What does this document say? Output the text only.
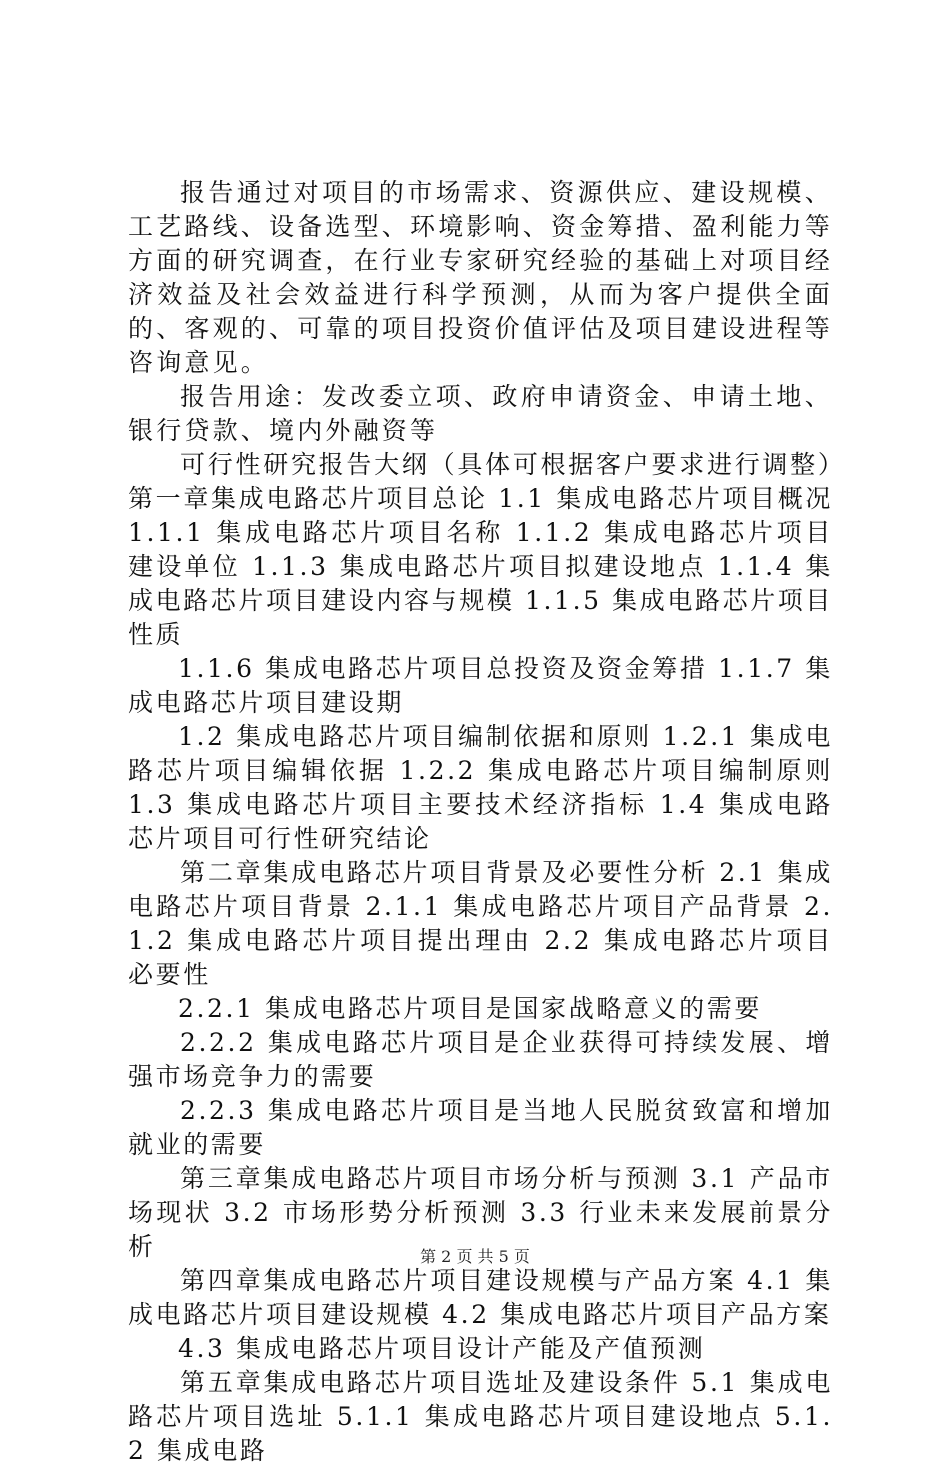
报告通过对项目的市场需求、资源供应、建设规模、工艺路线、设备选型、环境影响、资金筹措、盈利能力等方面的研究调查，在行业专家研究经验的基础上对项目经济效益及社会效益进行科学预测，从而为客户提供全面的、客观的、可靠的项目投资价值评估及项目建设进程等咨询意见。

报告用途：发改委立项、政府申请资金、申请土地、银行贷款、境内外融资等

可行性研究报告大纲（具体可根据客户要求进行调整）第一章集成电路芯片项目总论 1.1 集成电路芯片项目概况 1.1.1 集成电路芯片项目名称 1.1.2 集成电路芯片项目建设单位 1.1.3 集成电路芯片项目拟建设地点 1.1.4 集成电路芯片项目建设内容与规模 1.1.5 集成电路芯片项目性质

1.1.6 集成电路芯片项目总投资及资金筹措 1.1.7 集成电路芯片项目建设期

1.2 集成电路芯片项目编制依据和原则 1.2.1 集成电路芯片项目编辑依据 1.2.2 集成电路芯片项目编制原则 1.3 集成电路芯片项目主要技术经济指标 1.4 集成电路芯片项目可行性研究结论

第二章集成电路芯片项目背景及必要性分析 2.1 集成电路芯片项目背景 2.1.1 集成电路芯片项目产品背景 2.1.2 集成电路芯片项目提出理由 2.2 集成电路芯片项目必要性

2.2.1 集成电路芯片项目是国家战略意义的需要

2.2.2 集成电路芯片项目是企业获得可持续发展、增强市场竞争力的需要

2.2.3 集成电路芯片项目是当地人民脱贫致富和增加就业的需要

第三章集成电路芯片项目市场分析与预测 3.1 产品市场现状 3.2 市场形势分析预测 3.3 行业未来发展前景分析

第四章集成电路芯片项目建设规模与产品方案 4.1 集成电路芯片项目建设规模 4.2 集成电路芯片项目产品方案

4.3 集成电路芯片项目设计产能及产值预测

第五章集成电路芯片项目选址及建设条件 5.1 集成电路芯片项目选址 5.1.1 集成电路芯片项目建设地点 5.1.2 集成电路

第 2 页 共 5 页
